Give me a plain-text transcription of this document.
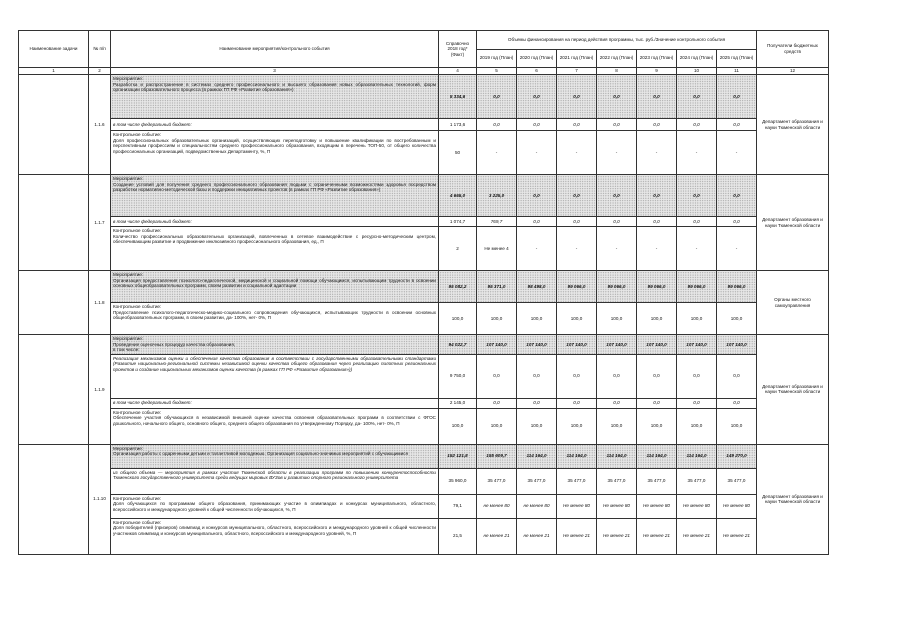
Наименование задачи	№ п/п	Наименование мероприятия/контрольного события	Справочно 2018 год* (Факт)	Объемы финансирования на период действия программы, тыс. руб./Значение контрольного события							Получатели бюджетных средств
				2019 год (План)	2020 год (План)	2021 год (План)	2022 год (План)	2023 год (План)	2024 год (План)	2025 год (План)	
1	2	3	4	5	6	7	8	9	10	11	12
	1.1.6	Мероприятие:
Разработка и распространение в системах среднего профессионального и высшего образования новых образовательных технологий, форм организации образовательного процесса (в рамках ГП РФ «Развитие образования»)	5 334,6	0,0	0,0	0,0	0,0	0,0	0,0	0,0	Департамент образования и науки Тюменской области
		в том числе федеральный бюджет:	1 173,6	0,0	0,0	0,0	0,0	0,0	0,0	0,0	
		Контрольное событие:
Доля профессиональных образовательных организаций, осуществляющих переподготовку и повышение квалификации по востребованным и перспективным профессиям и специальностям среднего профессионального образования, входящим в перечень ТОП-50, от общего количества профессиональных организаций, подведомственных Департаменту, %, П	50	-	-	-	-	-	-	-	
	1.1.7	Мероприятие:
Создание условий для получения среднего профессионального образования людьми с ограниченными возможностями здоровья посредством разработки нормативно-методической базы и поддержки инициативных проектов (в рамках ГП РФ «Развитие образования»)	4 665,0	3 225,0	0,0	0,0	0,0	0,0	0,0	0,0	Департамент образования и науки Тюменской области
		в том числе федеральный бюджет:	1 074,7	769,7	0,0	0,0	0,0	0,0	0,0	0,0	
		Контрольное событие:
Количество профессиональных образовательных организаций, вовлеченных в сетевое взаимодействие с ресурсно-методическим центром, обеспечивающим развитие и продвижение инклюзивного профессионального образования, ед., П	2	Не менее 4	-	-	-	-	-	-	
	1.1.8	Мероприятие:
Организация предоставления психолого-педагогической, медицинской и социальной помощи обучающимся, испытывающим трудности в освоении основных общеобразовательных программ, своем развитии и социальной адаптации	95 082,2	95 371,0	98 498,0	99 066,0	99 066,0	99 066,0	99 066,0	99 066,0	Органы местного самоуправления
		Контрольное событие:
Предоставление психолого-педагогическо-медико-социального сопровождения обучающихся, испытывающих трудности в освоении основных общеобразовательных программ, в своем развитии, да- 100%, нет- 0%, П	100,0	100,0	100,0	100,0	100,0	100,0	100,0	100,0	
	1.1.9	Мероприятие:
Проведение оценочных процедур качества образования,
в том числе:	94 022,7	107 140,0	107 140,0	107 140,0	107 140,0	107 140,0	107 140,0	107 140,0	Департамент образования и науки Тюменской области
		Реализация механизмов оценки и обеспечения качества образования в соответствии с государственными образовательными стандартами (Развитие национально-региональной системы независимой оценки качества общего образования через реализацию пилотных региональных проектов и создание национальных механизмов оценки качества (в рамках ГП РФ «Развитие образования»))	9 750,0	0,0	0,0	0,0	0,0	0,0	0,0	0,0	
		в том числе федеральный бюджет:	2 145,0	0,0	0,0	0,0	0,0	0,0	0,0	0,0	
		Контрольное событие:
Обеспечение участия обучающихся в независимой внешней оценке качества освоения образовательных программ в соответствии с ФГОС дошкольного, начального общего, основного общего, среднего общего образования по утвержденному Порядку, да- 100%, нет- 0%, П	100,0	100,0	100,0	100,0	100,0	100,0	100,0	100,0	
	1.1.10	Мероприятие:
Организация работы с одаренными детьми и талантливой молодежью. Организация социально-значимых мероприятий с обучающимися	152 121,8	155 609,7	114 164,0	114 164,0	114 164,0	114 164,0	114 164,0	149 270,0	Департамент образования и науки Тюменской области
		из общего объема — мероприятия в рамках участия Тюменской области в реализации программ по повышению конкурентоспособности Тюменского государственного университета среди ведущих мировых ВУЗов и развитию опорного регионального университета	35 960,0	35 477,0	35 477,0	35 477,0	35 477,0	35 477,0	35 477,0	35 477,0	
		Контрольное событие:
Доля обучающихся по программам общего образования, принимающих участие в олимпиадах и конкурсах муниципального, областного, всероссийского и международного уровней к общей численности обучающихся, %, П	79,1	не менее 80	не менее 80	Не менее 80	Не менее 80	Не менее 80	Не менее 80	Не менее 80	
		Контрольное событие:
Доля победителей (призеров) олимпиад и конкурсов муниципального, областного, всероссийского и международного уровней к общей численности участников олимпиад и конкурсов муниципального, областного, всероссийского и международного уровней, %, П	21,5	не менее 21	не менее 21	Не менее 21	Не менее 21	Не менее 21	Не менее 21	Не менее 21	
